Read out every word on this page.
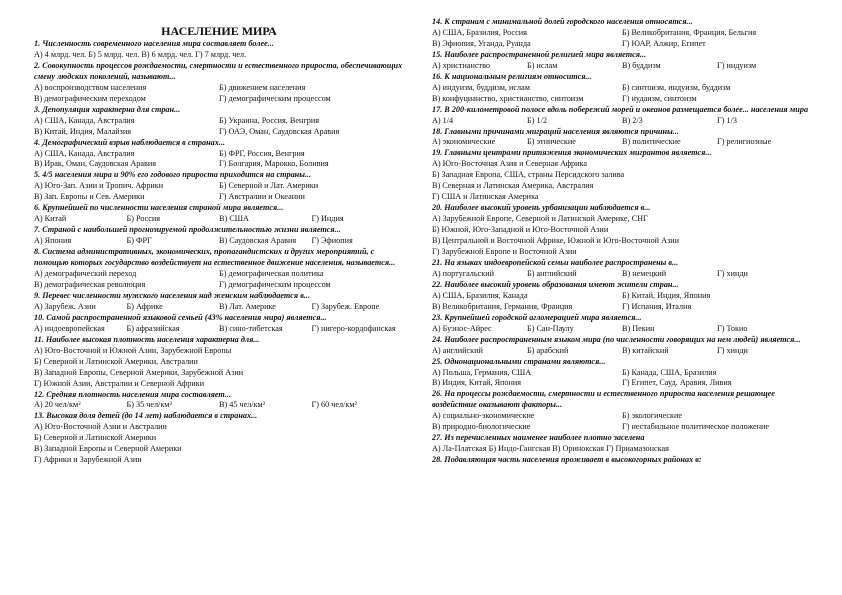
НАСЕЛЕНИЕ МИРА
1. Численность современного населения мира составляет более...
А) 4 млрд. чел. Б) 5 млрд. чел. В) 6 млрд. чел. Г) 7 млрд. чел.
2. Совокупность процессов рождаемости, смертности и естественного прироста, обеспечивающих смену людских поколений, называют...
А) воспроизводством населения	Б) движением населения
В) демографическим переходом	Г) демографическим процессом
3. Депопуляция характерна для стран...
А) США, Канада, Австралия	Б) Украина, Россия, Венгрия
В) Китай, Индия, Малайзия	Г) ОАЭ, Оман, Саудовская Аравия
4. Демографический взрыв наблюдается в странах...
А) США, Канада, Австралия	Б) ФРГ, Россия, Венгрия
В) Ирак, Оман, Саудовская Аравия	Г) Болгария, Марокко, Боливия
5. 4/5 населения мира и 90% его годового прироста приходится на страны...
А) Юго-Зап. Азии и Тропич. Африки	Б) Северной и Лат. Америки
В) Зап. Европы и Сев. Америки	Г) Австралии и Океании
6. Крупнейшей по численности населения страной мира является...
А) Китай	Б) Россия	В) США	Г) Индия
7. Страной с наибольшей прогнозируемой продолжительностью жизни является...
А) Япония	Б) ФРГ	В) Саудовская Аравия	Г) Эфиопия
8. Система административных, экономических, пропагандистских и других мероприятий, с помощью которых государство воздействует на естественное движение населения, называется...
А) демографический переход	Б) демографическая политика
В) демографическая революция	Г) демографическим процессом
9. Перевес численности мужского населения над женским наблюдается в...
А) Зарубеж. Азии	Б) Африке	В) Лат. Америке	Г) Зарубеж. Европе
10. Самой распространенной языковой семьей (43% населения мира) является...
А) индоевропейская	Б) афразийская	В) сино-тибетская	Г) нигеро-кордофанская
11. Наиболее высокая плотность населения характерна для...
А) Юго-Восточной и Южной Азии, Зарубежной Европы
Б) Северной и Латинской Америки, Австралии
В) Западной Европы, Северной Америки, Зарубежной Азии
Г) Южной Азии, Австралии и Северной Африки
12. Средняя плотность населения мира составляет...
А) 20 чел/км²	Б) 35 чел/км²	В) 45 чел/км²	Г) 60 чел/км²
13. Высокая доля детей (до 14 лет) наблюдается в странах...
А) Юго-Восточной Азии и Австралии
Б) Северной и Латинской Америки
В) Западной Европы и Северной Америки
Г) Африки и Зарубежной Азии
14. К странам с минимальной долей городского населения относятся...
А) США, Бразилия, Россия	Б) Великобритания, Франция, Бельгия
В) Эфиопия, Уганда, Руанда	Г) ЮАР, Алжир, Египет
15. Наиболее распространенной религией мира является...
А) христианство	Б) ислам	В) буддизм	Г) индуизм
16. К национальным религиям относится...
А) индуизм, буддизм, ислам	Б) синтоизм, индуизм, буддизм
В) конфуцианство, христианство, синтоизм	Г) иудаизм, синтоизм
17. В 200-километровой полосе вдоль побережий морей и океанов размещается более... населения мира
А) 1/4	Б) 1/2	В) 2/3	Г) 1/3
18. Главными причинами миграций населения являются причины...
А) экономические	Б) этнические	В) политические	Г) религиозные
19. Главными центрами притяжения экономических мигрантов является...
А) Юго-Восточная Азия и Северная Африка
Б) Западная Европа, США, страны Персидского залива
В) Северная и Латинская Америка, Австралия
Г) США и Латинская Америка
20. Наиболее высокий уровень урбанизации наблюдается в...
А) Зарубежной Европе, Северной и Латинской Америке, СНГ
Б) Южной, Юго-Западной и Юго-Восточной Азии
В) Центральной и Восточной Африке, Южной и Юго-Восточной Азии
Г) Зарубежной Европе и Восточной Азии
21. На языках индоевропейской семьи наиболее распространены в...
А) португальский	Б) английский	В) немецкий	Г) хинди
22. Наиболее высокий уровень образования имеют жители стран...
А) США, Бразилия, Канада	Б) Китай, Индия, Япония
В) Великобритания, Германия, Франция	Г) Испания, Италия
23. Крупнейшей городской агломерацией мира является...
А) Буэнос-Айрес	Б) Сан-Паулу	В) Пекин	Г) Токио
24. Наиболее распространенным языком мира (по численности говорящих на нем людей) является...
А) английский	Б) арабский	В) китайский	Г) хинди
25. Однонациональными странами являются...
А) Польша, Германия, США	Б) Канада, США, Бразилия
В) Индия, Китай, Япония	Г) Египет, Сауд. Аравия, Ливия
26. На процессы рождаемости, смертности и естественного прироста населения решающее воздействие оказывают факторы...
А) социально-экономические	Б) экологические
В) природно-биологические	Г) нестабильное политическое положение
27. Из перечисленных наименее наиболее плотно заселена
А) Ла-Платская Б) Индо-Гангская В) Оринокская Г) Приамазонская
28. Подавляющая часть населения проживает в высокогорных районах в:
